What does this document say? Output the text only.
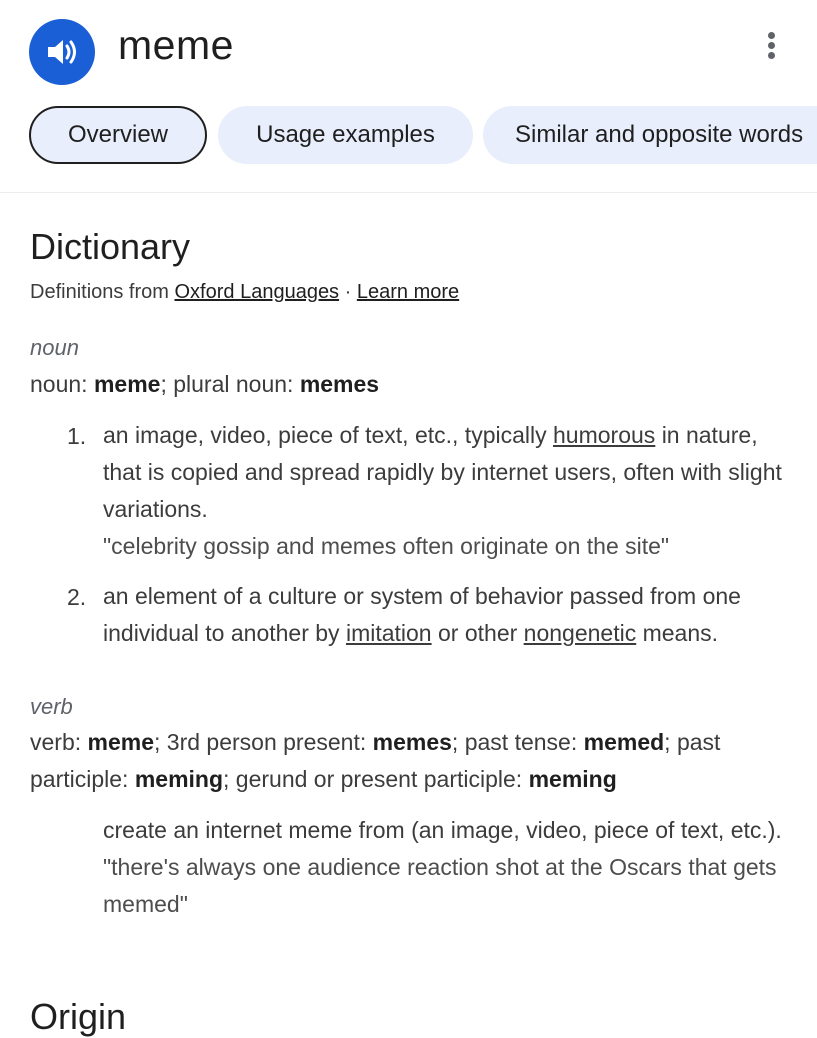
meme
Overview	Usage examples	Similar and opposite words
Dictionary
Definitions from Oxford Languages · Learn more
noun
noun: meme; plural noun: memes
1. an image, video, piece of text, etc., typically humorous in nature, that is copied and spread rapidly by internet users, often with slight variations.
"celebrity gossip and memes often originate on the site"
2. an element of a culture or system of behavior passed from one individual to another by imitation or other nongenetic means.
verb
verb: meme; 3rd person present: memes; past tense: memed; past participle: meming; gerund or present participle: meming
create an internet meme from (an image, video, piece of text, etc.).
"there's always one audience reaction shot at the Oscars that gets memed"
Origin
